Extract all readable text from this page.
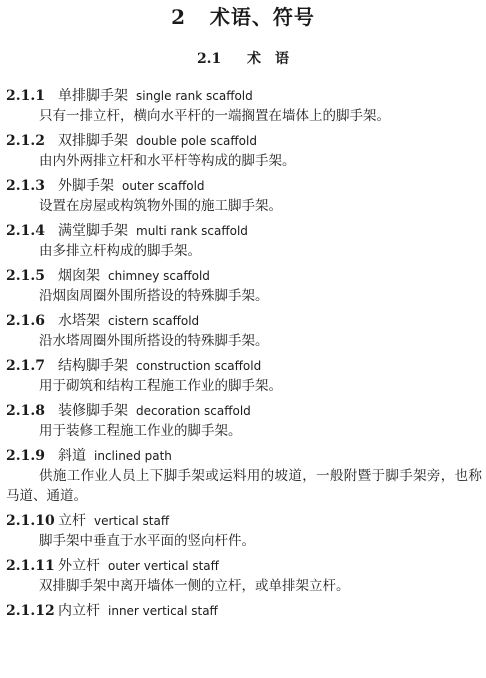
2 术语、符号
2.1 术　语
2.1.1 单排脚手架 single rank scaffold
只有一排立杆，横向水平杆的一端搁置在墙体上的脚手架。
2.1.2 双排脚手架 double pole scaffold
由内外两排立杆和水平杆等构成的脚手架。
2.1.3 外脚手架 outer scaffold
设置在房屋或构筑物外围的施工脚手架。
2.1.4 满堂脚手架 multi rank scaffold
由多排立杆构成的脚手架。
2.1.5 烟囱架 chimney scaffold
沿烟囱周圈外围所搭设的特殊脚手架。
2.1.6 水塔架 cistern scaffold
沿水塔周圈外围所搭设的特殊脚手架。
2.1.7 结构脚手架 construction scaffold
用于砌筑和结构工程施工作业的脚手架。
2.1.8 装修脚手架 decoration scaffold
用于装修工程施工作业的脚手架。
2.1.9 斜道 inclined path
供施工作业人员上下脚手架或运料用的坡道，一般附暨于脚手架旁，也称马道、通道。
2.1.10 立杆 vertical staff
脚手架中垂直于水平面的竖向杆件。
2.1.11 外立杆 outer vertical staff
双排脚手架中离开墙体一侧的立杆，或单排架立杆。
2.1.12 内立杆 inner vertical staff
